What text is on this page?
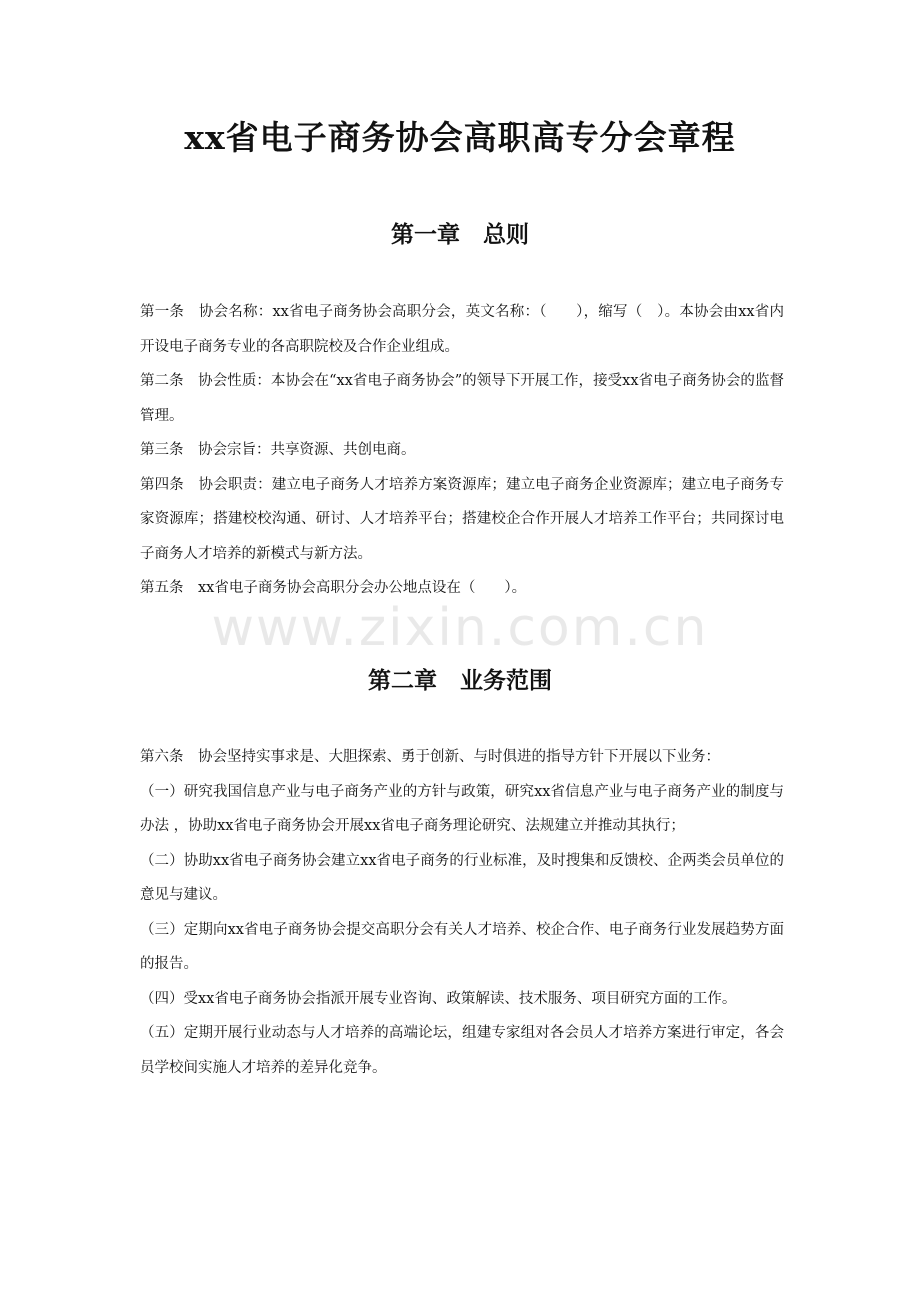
xx省电子商务协会高职高专分会章程
第一章　总则

第一条　协会名称：xx省电子商务协会高职分会，英文名称：（　　），缩写（　）。本协会由xx省内开设电子商务专业的各高职院校及合作企业组成。

第二条　协会性质：本协会在“xx省电子商务协会”的领导下开展工作，接受xx省电子商务协会的监督管理。

第三条　协会宗旨：共享资源、共创电商。

第四条　协会职责：建立电子商务人才培养方案资源库；建立电子商务企业资源库；建立电子商务专家资源库；搭建校校沟通、研讨、人才培养平台；搭建校企合作开展人才培养工作平台；共同探讨电子商务人才培养的新模式与新方法。

第五条　xx省电子商务协会高职分会办公地点设在（　　）。

www.zixin.com.cn
第二章　业务范围

第六条　协会坚持实事求是、大胆探索、勇于创新、与时俱进的指导方针下开展以下业务：

（一）研究我国信息产业与电子商务产业的方针与政策，研究xx省信息产业与电子商务产业的制度与办法 ，协助xx省电子商务协会开展xx省电子商务理论研究、法规建立并推动其执行；

（二）协助xx省电子商务协会建立xx省电子商务的行业标准，及时搜集和反馈校、企两类会员单位的意见与建议。

（三）定期向xx省电子商务协会提交高职分会有关人才培养、校企合作、电子商务行业发展趋势方面的报告。

（四）受xx省电子商务协会指派开展专业咨询、政策解读、技术服务、项目研究方面的工作。

（五）定期开展行业动态与人才培养的高端论坛，组建专家组对各会员人才培养方案进行审定，各会员学校间实施人才培养的差异化竞争。
